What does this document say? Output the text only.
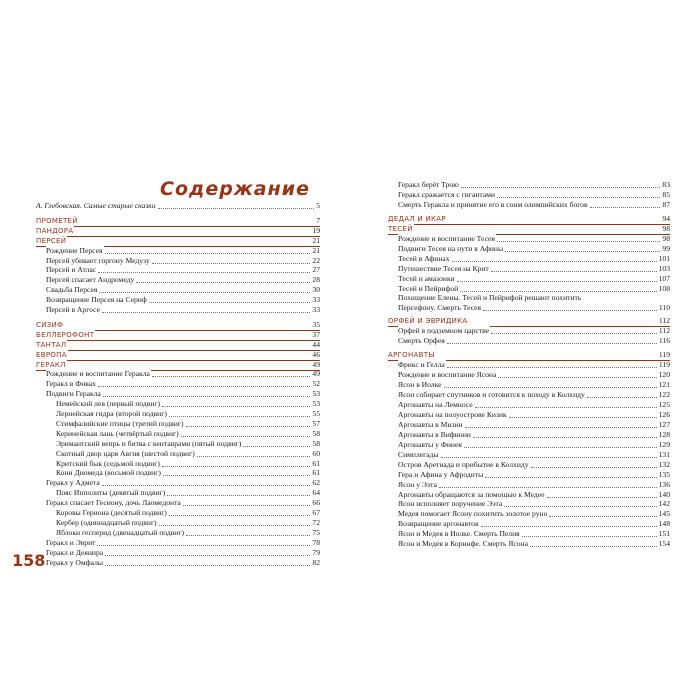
Содержание
А. Глебовская. Самые старые сказки	5
ПРОМЕТЕЙ	7
ПАНДОРА	19
ПЕРСЕЙ	21
Рождение Персея	21
Персей убивает горгону Медузу	22
Персей и Атлас	27
Персей спасает Андромеду	28
Свадьба Персея	30
Возвращение Персея на Сериф	33
Персей в Аргосе	33
СИЗИФ	35
БЕЛЛЕРОФОНТ	37
ТАНТАЛ	44
ЕВРОПА	46
ГЕРАКЛ	49
Рождение и воспитание Геракла	49
Геракл в Фивах	52
Подвиги Геракла	53
Немейский лев (первый подвиг)	53
Лернейская гидра (второй подвиг)	55
Стимфалийские птицы (третий подвиг)	57
Керинейская лань (четвёртый подвиг)	58
Эримантский вепрь и битва с кентаврами (пятый подвиг)	58
Скотный двор царя Авгия (шестой подвиг)	60
Критский бык (седьмой подвиг)	61
Кони Диомеда (восьмой подвиг)	61
Геракл у Адмета	62
Пояс Ипполиты (девятый подвиг)	64
Геракл спасает Гесиону, дочь Лаомедонта	66
Коровы Гериона (десятый подвиг)	67
Кербер (одиннадцатый подвиг)	72
Яблоки гесперид (двенадцатый подвиг)	75
Геракл и Эврит	78
Геракл и Деянира	79
Геракл у Омфалы	82
Геракл берёт Трою	83
Геракл сражается с гигантами	85
Смерть Геракла и принятие его в сонм олимпийских богов	87
ДЕДАЛ И ИКАР	94
ТЕСЕЙ	98
Рождение и воспитание Тесея	98
Подвиги Тесея на пути в Афины	99
Тесей в Афинах	101
Путешествие Тесея на Крит	103
Тесей и амазонки	107
Тесей и Пейрифой	108
Похищение Елены. Тесей и Пейрифой решают похитить
Персефону. Смерть Тесея	110
ОРФЕЙ И ЭВРИДИКА	112
Орфей в подземном царстве	112
Смерть Орфея	116
АРГОНАВТЫ	119
Фрикс и Гелла	119
Рождение и воспитание Ясона	120
Ясон в Иолке	121
Ясон собирает спутников и готовится к походу в Колхиду	122
Аргонавты на Лемносе	125
Аргонавты на полуострове Кизик	126
Аргонавты в Мизии	127
Аргонавты в Вифинии	128
Аргонавты у Финея	129
Симплегады	131
Остров Аретиада и прибытие в Колхиду	132
Гера и Афина у Афродиты	135
Ясон у Ээта	136
Аргонавты обращаются за помощью к Медее	140
Ясон исполняет поручение Ээта	142
Медея помогает Ясону похитить золотое руно	145
Возвращение аргонавтов	148
Ясон и Медея в Иолке. Смерть Пелия	151
Ясон и Медея в Коринфе. Смерть Ясона	154
158
